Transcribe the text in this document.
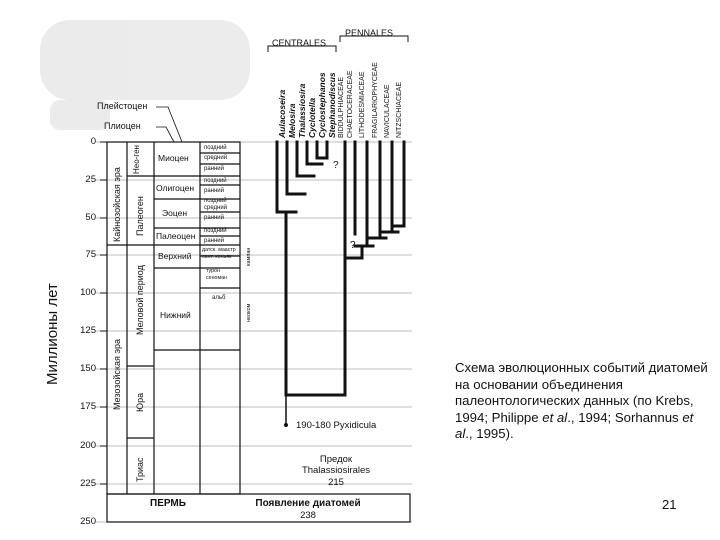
CENTRALES
PENNALES
Aulacoseira Melosira Thalassiosira Cyclotella Cyclostephanos Stephanodiscus BIDDULPHIACEAE CHAETOCERACEAE LITHODESMIACEAE FRAGILARIOPHYCEAE NAVICULACEAE NITZSCHIACEAE
Плейстоцен
Плиоцен
Миллионы лет
0
25
50
75
100
125
150
175
200
225
250
Кайнозойская эра
Мезозойская эра
Нео-ген
Палеоген
Меловой период
Юра
Триас
Миоцен
Олигоцен
Эоцен
Палеоцен
Верхний
Нижний
поздний
средний
ранний
поздний
ранний
поздний
средний
ранний
поздний
ранний
датск. маастр
сант. коньяк
турон сеноман
альб
кампан
неоком
?
?
190-180 Pyxidicula
Предок
Thalassiosirales
215
ПЕРМЬ	Появление диатомей
238
Схема эволюционных событий диатомей на основании объединения палеонтологических данных (по Krebs, 1994; Philippe et al., 1994; Sorhannus et al., 1995).
21
